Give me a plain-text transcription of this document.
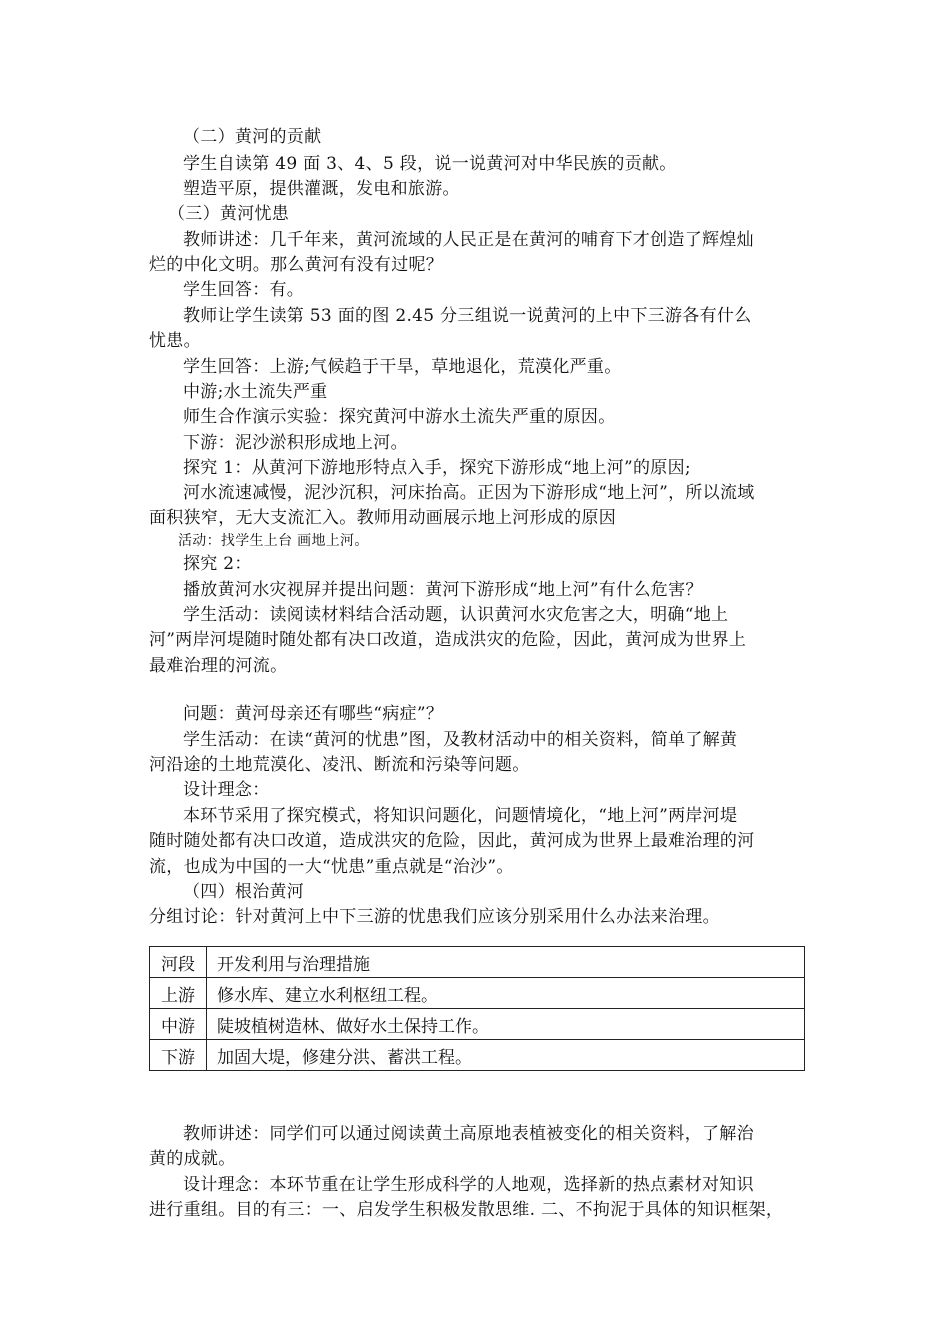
（二）黄河的贡献
学生自读第 49 面 3、4、5 段，说一说黄河对中华民族的贡献。
塑造平原，提供灌溉，发电和旅游。
（三）黄河忧患
教师讲述：几千年来，黄河流域的人民正是在黄河的哺育下才创造了辉煌灿
烂的中化文明。那么黄河有没有过呢？
学生回答：有。
教师让学生读第 53 面的图 2.45 分三组说一说黄河的上中下三游各有什么
忧患。
学生回答：上游;气候趋于干旱，草地退化，荒漠化严重。
中游;水土流失严重
师生合作演示实验：探究黄河中游水土流失严重的原因。
下游：泥沙淤积形成地上河。
探究 1：从黄河下游地形特点入手，探究下游形成“地上河”的原因;
河水流速减慢，泥沙沉积，河床抬高。正因为下游形成“地上河”，所以流域
面积狭窄，无大支流汇入。教师用动画展示地上河形成的原因
活动：找学生上台 画地上河。
探究 2：
播放黄河水灾视屏并提出问题：黄河下游形成“地上河”有什么危害？
学生活动：读阅读材料结合活动题，认识黄河水灾危害之大，明确“地上
河”两岸河堤随时随处都有决口改道，造成洪灾的危险，因此，黄河成为世界上
最难治理的河流。
问题：黄河母亲还有哪些“病症”？
学生活动：在读“黄河的忧患”图，及教材活动中的相关资料，简单了解黄
河沿途的土地荒漠化、凌汛、断流和污染等问题。
设计理念：
本环节采用了探究模式，将知识问题化，问题情境化，“地上河”两岸河堤
随时随处都有决口改道，造成洪灾的危险，因此，黄河成为世界上最难治理的河
流，也成为中国的一大“忧患”重点就是“治沙”。
（四）根治黄河
分组讨论：针对黄河上中下三游的忧患我们应该分别采用什么办法来治理。
河段	开发利用与治理措施
上游	修水库、建立水利枢纽工程。
中游	陡坡植树造林、做好水土保持工作。
下游	加固大堤，修建分洪、蓄洪工程。
教师讲述：同学们可以通过阅读黄土高原地表植被变化的相关资料，了解治
黄的成就。
设计理念：本环节重在让学生形成科学的人地观，选择新的热点素材对知识
进行重组。目的有三：一、启发学生积极发散思维. 二、不拘泥于具体的知识框架，
